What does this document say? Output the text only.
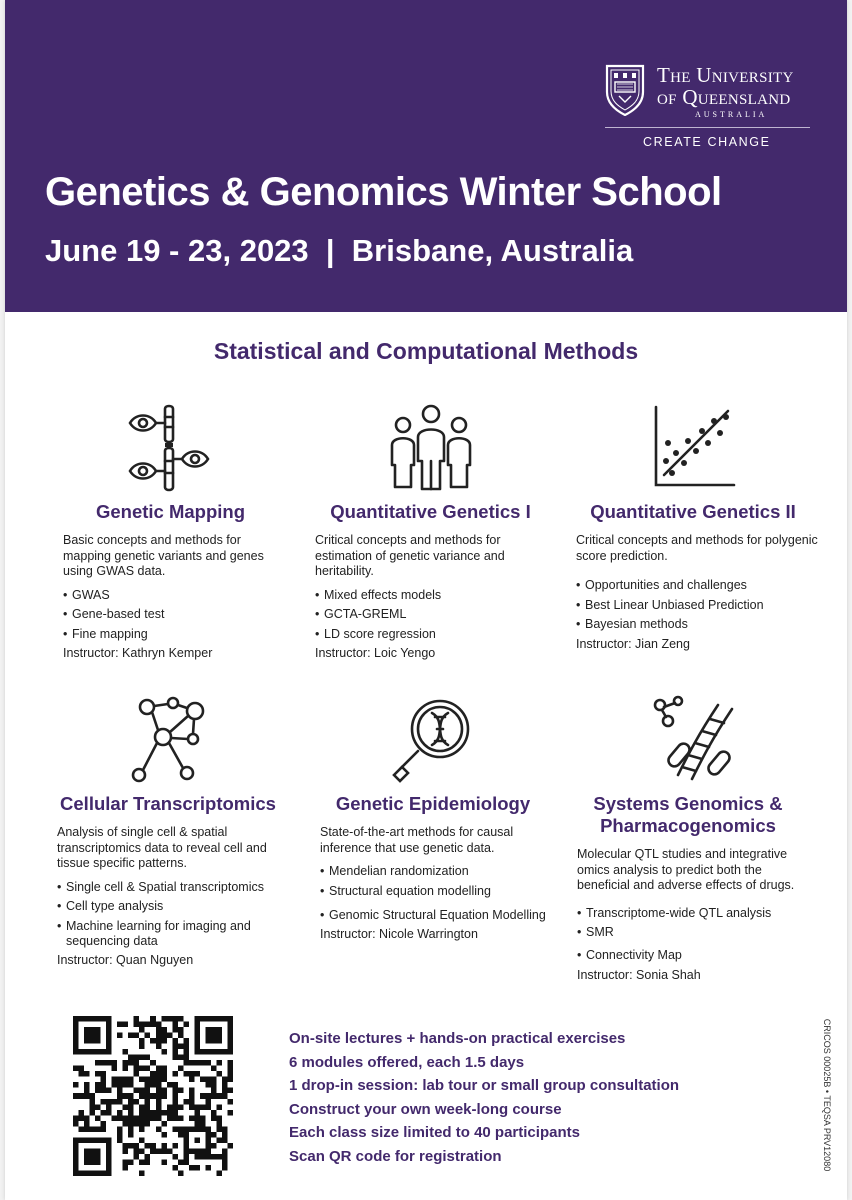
The University
of Queensland
AUSTRALIA
CREATE CHANGE
Genetics & Genomics Winter School
June 19 - 23, 2023  |  Brisbane, Australia
Statistical and Computational Methods
Genetic Mapping

Basic concepts and methods for mapping genetic variants and genes using GWAS data.

• GWAS
• Gene-based test
• Fine mapping

Instructor: Kathryn Kemper

Quantitative Genetics I

Critical concepts and methods for estimation of genetic variance and heritability.

• Mixed effects models
• GCTA-GREML
• LD score regression

Instructor: Loic Yengo

Quantitative Genetics II

Critical concepts and methods for polygenic score prediction.

• Opportunities and challenges
• Best Linear Unbiased Prediction
• Bayesian methods

Instructor: Jian Zeng

Cellular Transcriptomics

Analysis of single cell & spatial transcriptomics data to reveal cell and tissue specific patterns.

• Single cell & Spatial transcriptomics
• Cell type analysis
• Machine learning for imaging and sequencing data

Instructor: Quan Nguyen

Genetic Epidemiology

State-of-the-art methods for causal inference that use genetic data.

• Mendelian randomization
• Structural equation modelling
• Genomic Structural Equation Modelling

Instructor: Nicole Warrington

Systems Genomics & Pharmacogenomics

Molecular QTL studies and integrative omics analysis to predict both the beneficial and adverse effects of drugs.

• Transcriptome-wide QTL analysis
• SMR
• Connectivity Map

Instructor: Sonia Shah

On-site lectures + hands-on practical exercises
6 modules offered, each 1.5 days
1 drop-in session: lab tour or small group consultation
Construct your own week-long course
Each class size limited to 40 participants
Scan QR code for registration	CRICOS 00025B • TEQSA PRV12080
